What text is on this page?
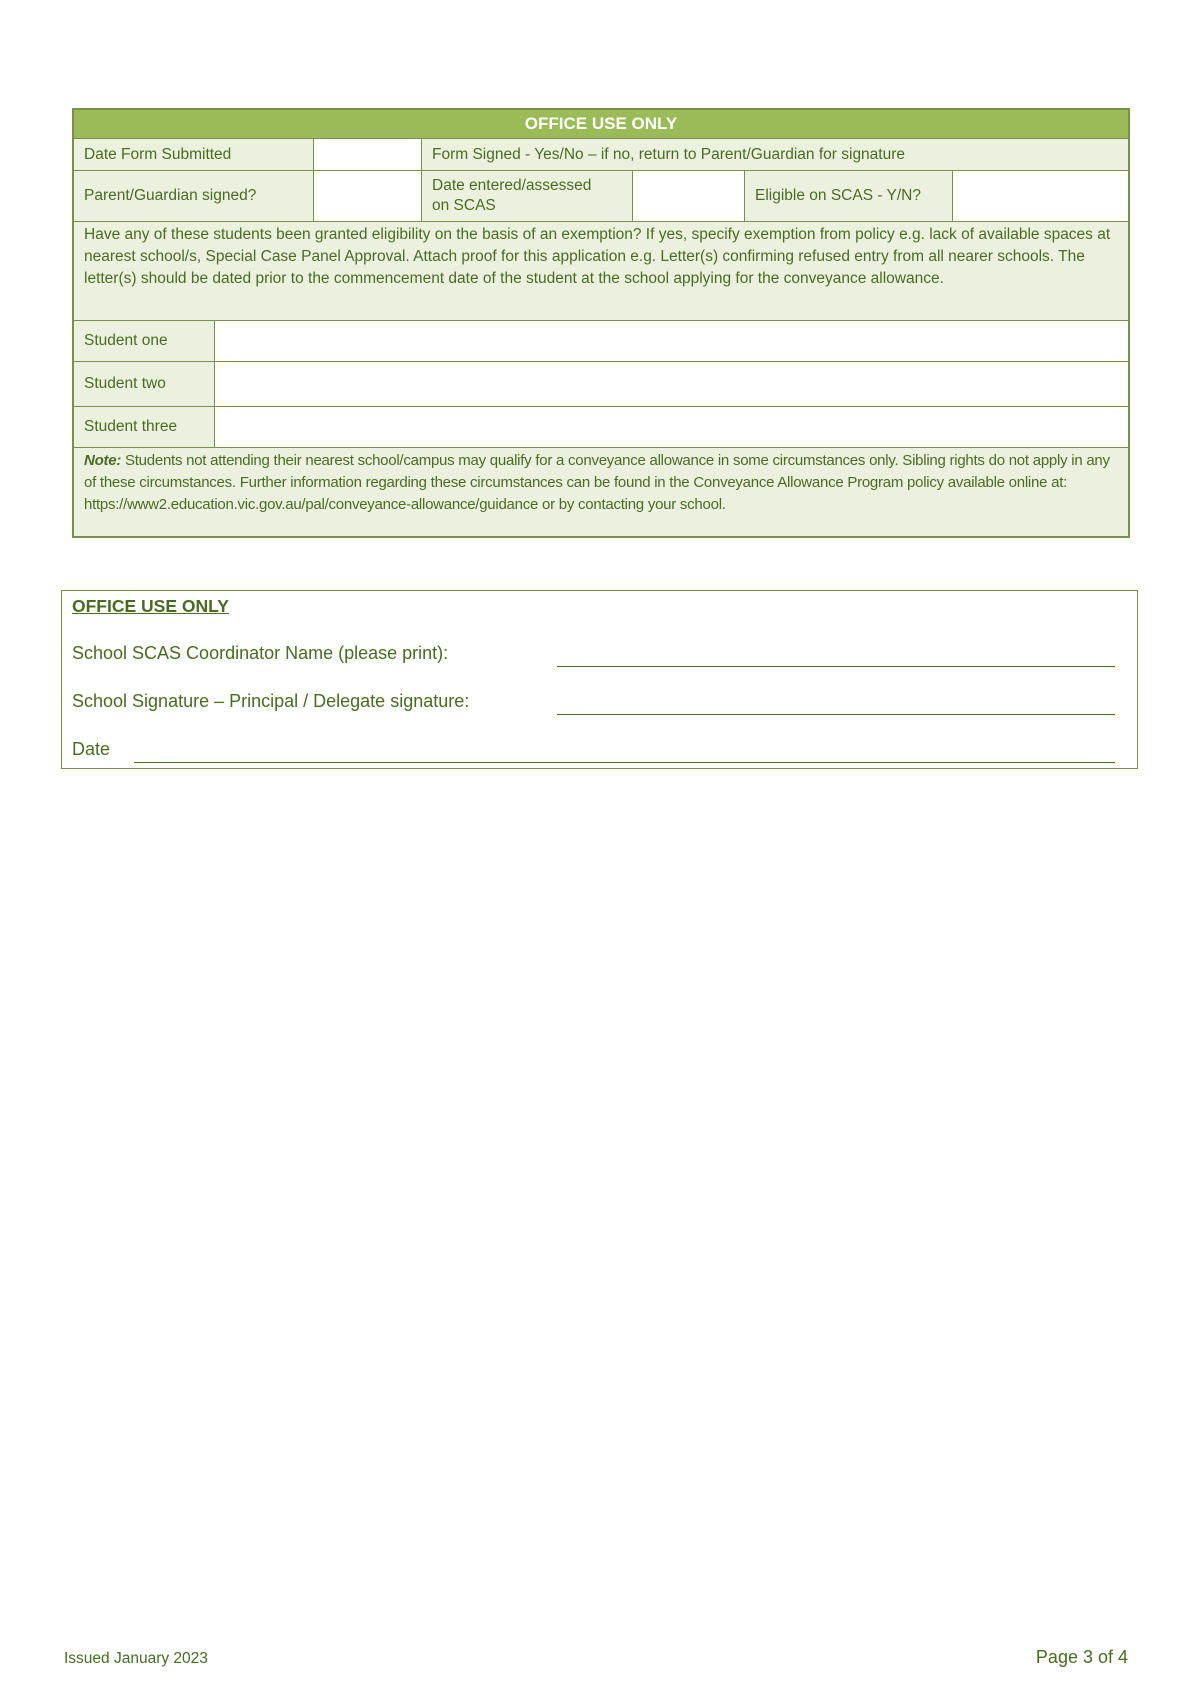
OFFICE USE ONLY
Date Form Submitted	Form Signed - Yes/No – if no, return to Parent/Guardian for signature
Parent/Guardian signed?
Date entered/assessed on SCAS
Eligible on SCAS - Y/N?
Have any of these students been granted eligibility on the basis of an exemption? If yes, specify exemption from policy e.g. lack of available spaces at nearest school/s, Special Case Panel Approval. Attach proof for this application e.g. Letter(s) confirming refused entry from all nearer schools. The letter(s) should be dated prior to the commencement date of the student at the school applying for the conveyance allowance.
Student one
Student two
Student three
Note: Students not attending their nearest school/campus may qualify for a conveyance allowance in some circumstances only. Sibling rights do not apply in any of these circumstances. Further information regarding these circumstances can be found in the Conveyance Allowance Program policy available online at: https://www2.education.vic.gov.au/pal/conveyance-allowance/guidance or by contacting your school.
OFFICE USE ONLY
School SCAS Coordinator Name (please print):
School Signature – Principal / Delegate signature:
Date
Issued January 2023	Page 3 of 4
